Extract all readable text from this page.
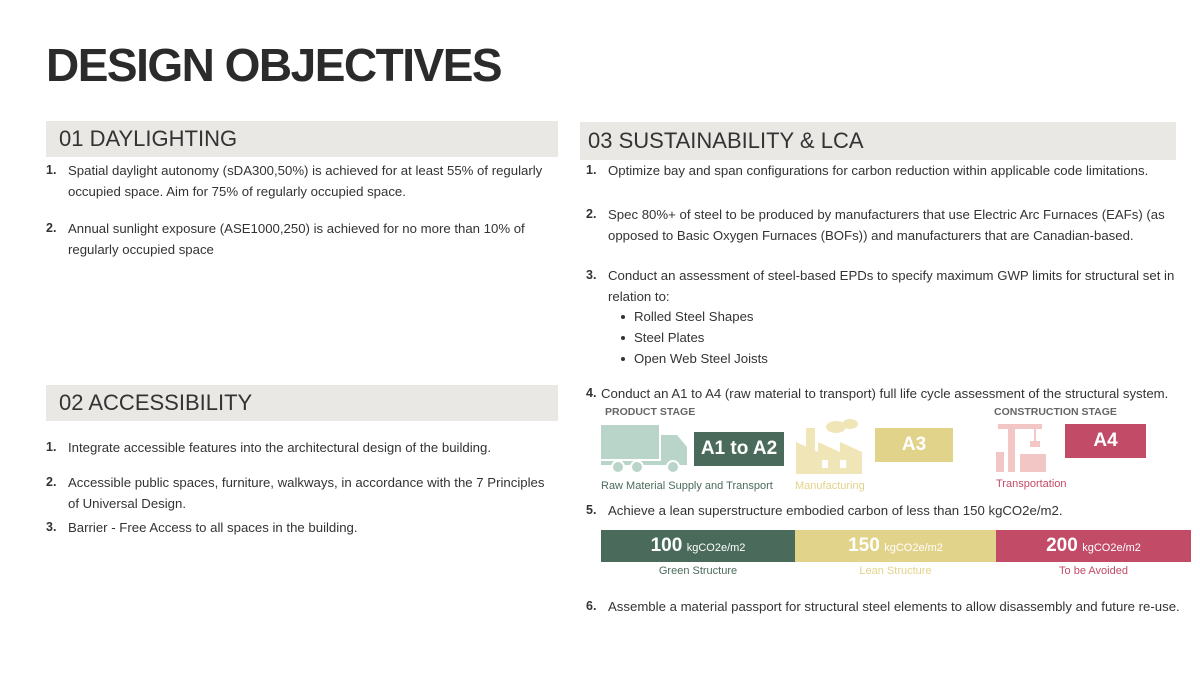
DESIGN OBJECTIVES
01 DAYLIGHTING
1. Spatial daylight autonomy (sDA300,50%) is achieved for at least 55% of regularly
occupied space. Aim for 75% of regularly occupied space.
2. Annual sunlight exposure (ASE1000,250) is achieved for no more than 10% of
regularly occupied space
02 ACCESSIBILITY
1. Integrate accessible features into the architectural design of the building.
2. Accessible public spaces, furniture, walkways, in accordance with the 7 Principles
of Universal Design.
3. Barrier - Free Access to all spaces in the building.
03 SUSTAINABILITY & LCA
1. Optimize bay and span configurations for carbon reduction within applicable code limitations.
2. Spec 80%+ of steel to be produced by manufacturers that use Electric Arc Furnaces (EAFs) (as
opposed to Basic Oxygen Furnaces (BOFs)) and manufacturers that are Canadian-based.
3. Conduct an assessment of steel-based EPDs to specify maximum GWP limits for structural set in
relation to:
Rolled Steel Shapes
Steel Plates
Open Web Steel Joists
4. Conduct an A1 to A4 (raw material to transport) full life cycle assessment of the structural system.
PRODUCT STAGE	CONSTRUCTION STAGE
A1 to A2	A3	A4
Raw Material Supply and Transport Manufacturing	Transportation
5. Achieve a lean superstructure embodied carbon of less than 150 kgCO2e/m2.
100 kgCO2e/m2	150 kgCO2e/m2	200 kgCO2e/m2
Green Structure	Lean Structure	To be Avoided
6. Assemble a material passport for structural steel elements to allow disassembly and future re-use.
